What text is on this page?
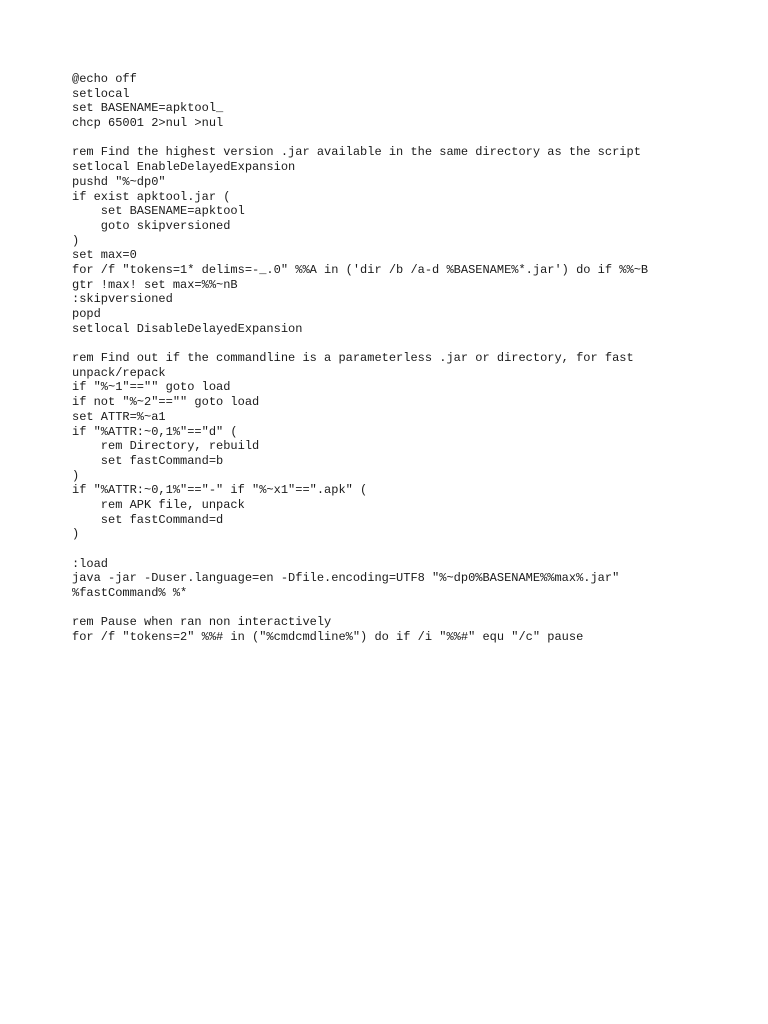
@echo off
setlocal
set BASENAME=apktool_
chcp 65001 2>nul >nul
rem Find the highest version .jar available in the same directory as the script
setlocal EnableDelayedExpansion
pushd "%~dp0"
if exist apktool.jar (
set BASENAME=apktool
goto skipversioned
)
set max=0
for /f "tokens=1* delims=-_.0" %%A in ('dir /b /a-d %BASENAME%*.jar') do if %%~B
gtr !max! set max=%%~nB
:skipversioned
popd
setlocal DisableDelayedExpansion
rem Find out if the commandline is a parameterless .jar or directory, for fast
unpack/repack
if "%~1"=="" goto load
if not "%~2"=="" goto load
set ATTR=%~a1
if "%ATTR:~0,1%"=="d" (
rem Directory, rebuild
set fastCommand=b
)
if "%ATTR:~0,1%"=="-" if "%~x1"==".apk" (
rem APK file, unpack
set fastCommand=d
)
:load
java -jar -Duser.language=en -Dfile.encoding=UTF8 "%~dp0%BASENAME%%max%.jar"
%fastCommand% %*
rem Pause when ran non interactively
for /f "tokens=2" %%# in ("%cmdcmdline%") do if /i "%%#" equ "/c" pause
